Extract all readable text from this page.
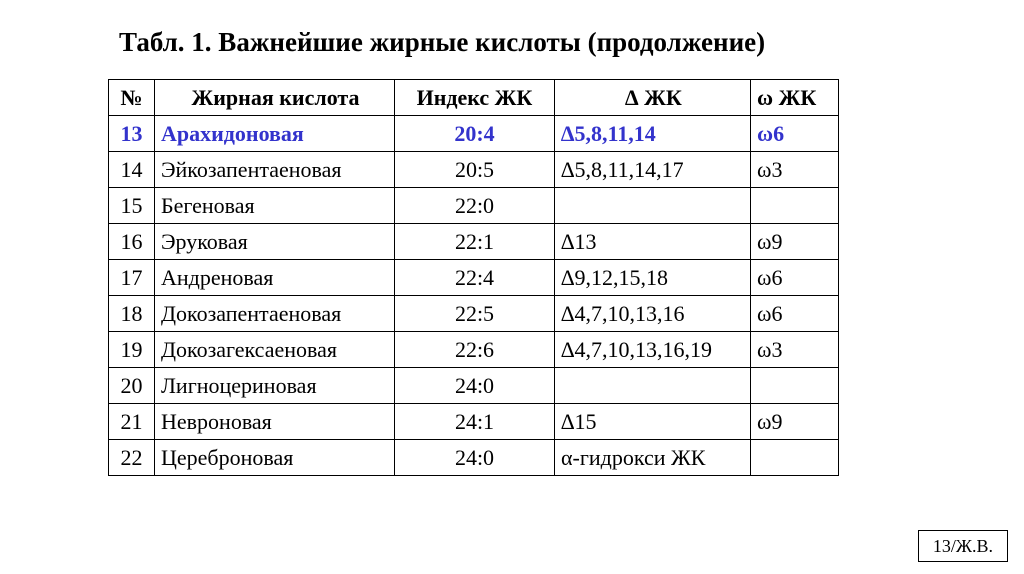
Табл. 1. Важнейшие жирные кислоты (продолжение)
№	Жирная кислота	Индекс ЖК	∆ ЖК	ω ЖК
13	Арахидоновая	20:4	∆5,8,11,14	ω6
14	Эйкозапентаеновая	20:5	∆5,8,11,14,17	ω3
15	Бегеновая	22:0		
16	Эруковая	22:1	∆13	ω9
17	Андреновая	22:4	∆9,12,15,18	ω6
18	Докозапентаеновая	22:5	∆4,7,10,13,16	ω6
19	Докозагексаеновая	22:6	∆4,7,10,13,16,19	ω3
20	Лигноцериновая	24:0		
21	Невроновая	24:1	∆15	ω9
22	Цереброновая	24:0	α-гидрокси ЖК	
13/Ж.В.
